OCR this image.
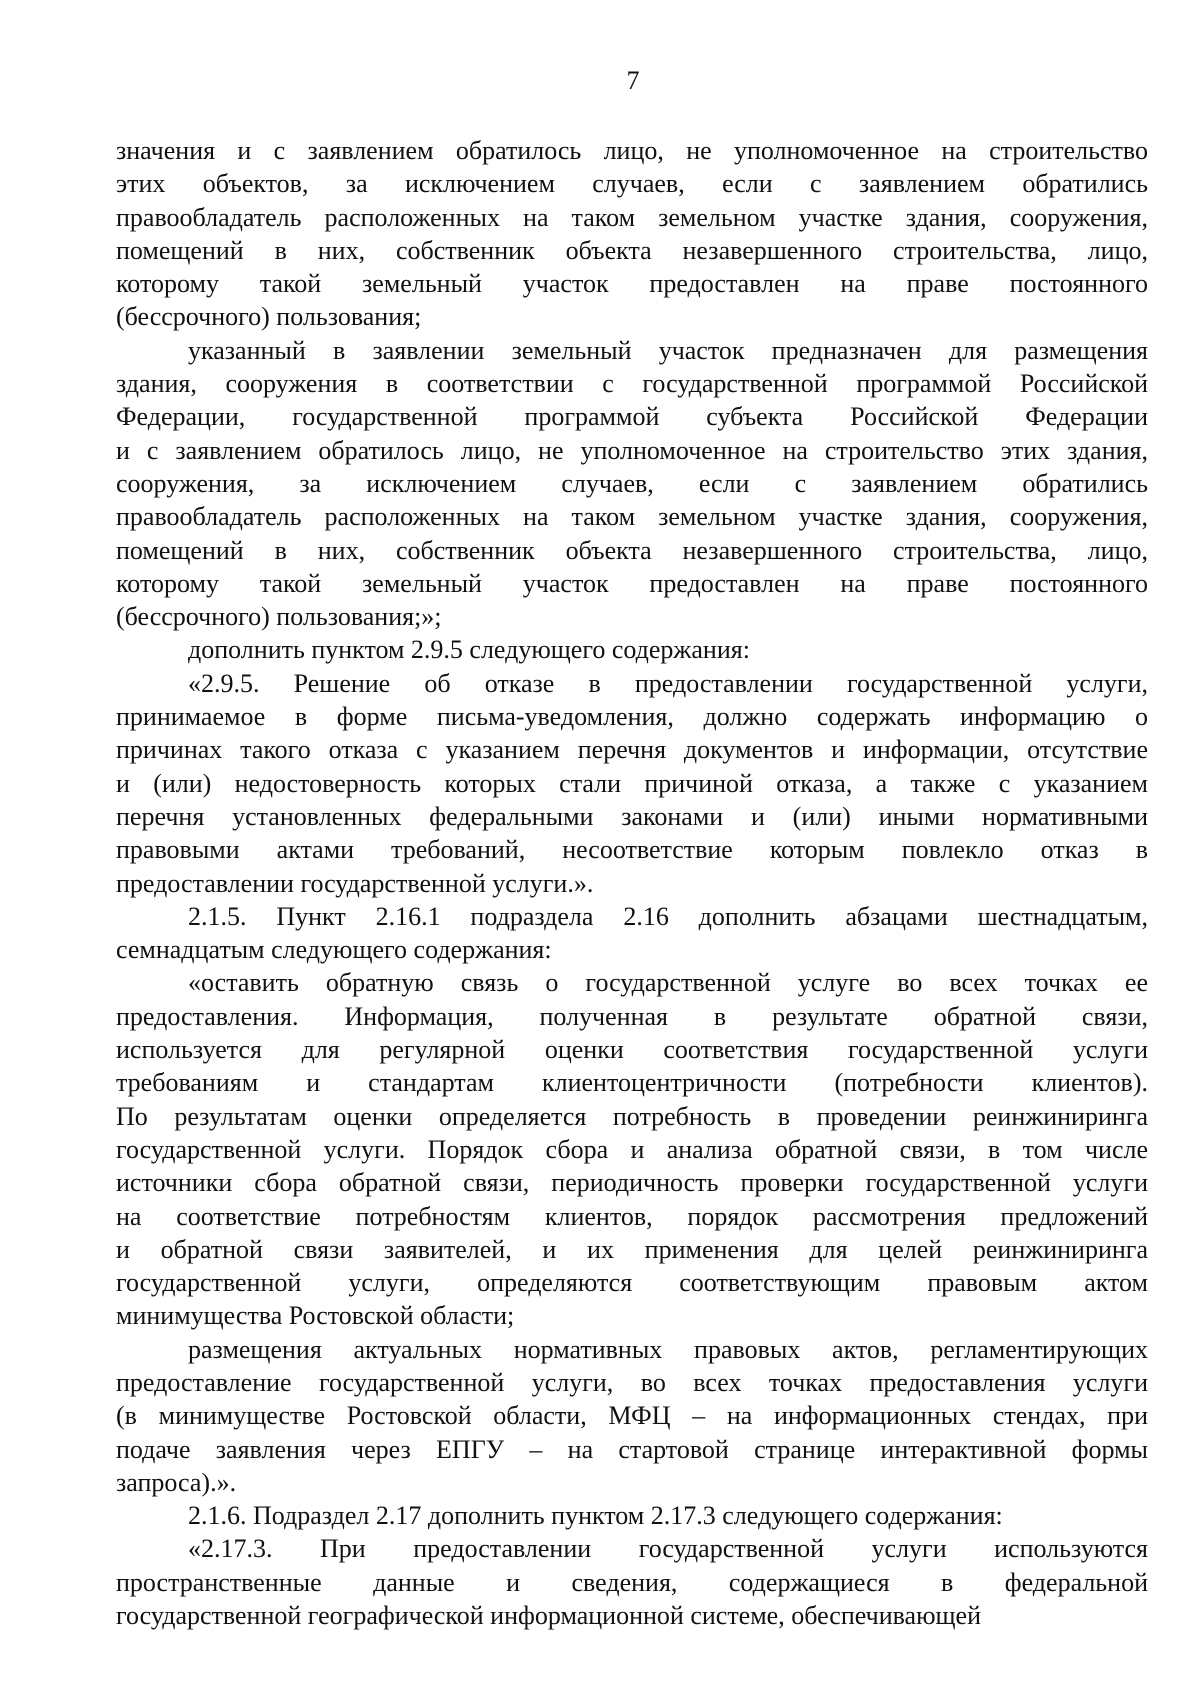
7

значения и с заявлением обратилось лицо, не уполномоченное на строительство
этих объектов, за исключением случаев, если с заявлением обратились
правообладатель расположенных на таком земельном участке здания, сооружения,
помещений в них, собственник объекта незавершенного строительства, лицо,
которому такой земельный участок предоставлен на праве постоянного
(бессрочного) пользования;

указанный в заявлении земельный участок предназначен для размещения
здания, сооружения в соответствии с государственной программой Российской
Федерации, государственной программой субъекта Российской Федерации
и с заявлением обратилось лицо, не уполномоченное на строительство этих здания,
сооружения, за исключением случаев, если с заявлением обратились
правообладатель расположенных на таком земельном участке здания, сооружения,
помещений в них, собственник объекта незавершенного строительства, лицо,
которому такой земельный участок предоставлен на праве постоянного
(бессрочного) пользования;»;

дополнить пунктом 2.9.5 следующего содержания:

«2.9.5. Решение об отказе в предоставлении государственной услуги,
принимаемое в форме письма-уведомления, должно содержать информацию о
причинах такого отказа с указанием перечня документов и информации, отсутствие
и (или) недостоверность которых стали причиной отказа, а также с указанием
перечня установленных федеральными законами и (или) иными нормативными
правовыми актами требований, несоответствие которым повлекло отказ в
предоставлении государственной услуги.».

2.1.5. Пункт 2.16.1 подраздела 2.16 дополнить абзацами шестнадцатым,
семнадцатым следующего содержания:

«оставить обратную связь о государственной услуге во всех точках ее
предоставления. Информация, полученная в результате обратной связи,
используется для регулярной оценки соответствия государственной услуги
требованиям и стандартам клиентоцентричности (потребности клиентов).
По результатам оценки определяется потребность в проведении реинжиниринга
государственной услуги. Порядок сбора и анализа обратной связи, в том числе
источники сбора обратной связи, периодичность проверки государственной услуги
на соответствие потребностям клиентов, порядок рассмотрения предложений
и обратной связи заявителей, и их применения для целей реинжиниринга
государственной услуги, определяются соответствующим правовым актом
минимущества Ростовской области;

размещения актуальных нормативных правовых актов, регламентирующих
предоставление государственной услуги, во всех точках предоставления услуги
(в минимуществе Ростовской области, МФЦ – на информационных стендах, при
подаче заявления через ЕПГУ – на стартовой странице интерактивной формы
запроса).».

2.1.6. Подраздел 2.17 дополнить пунктом 2.17.3 следующего содержания:

«2.17.3. При предоставлении государственной услуги используются
пространственные данные и сведения, содержащиеся в федеральной
государственной географической информационной системе, обеспечивающей
